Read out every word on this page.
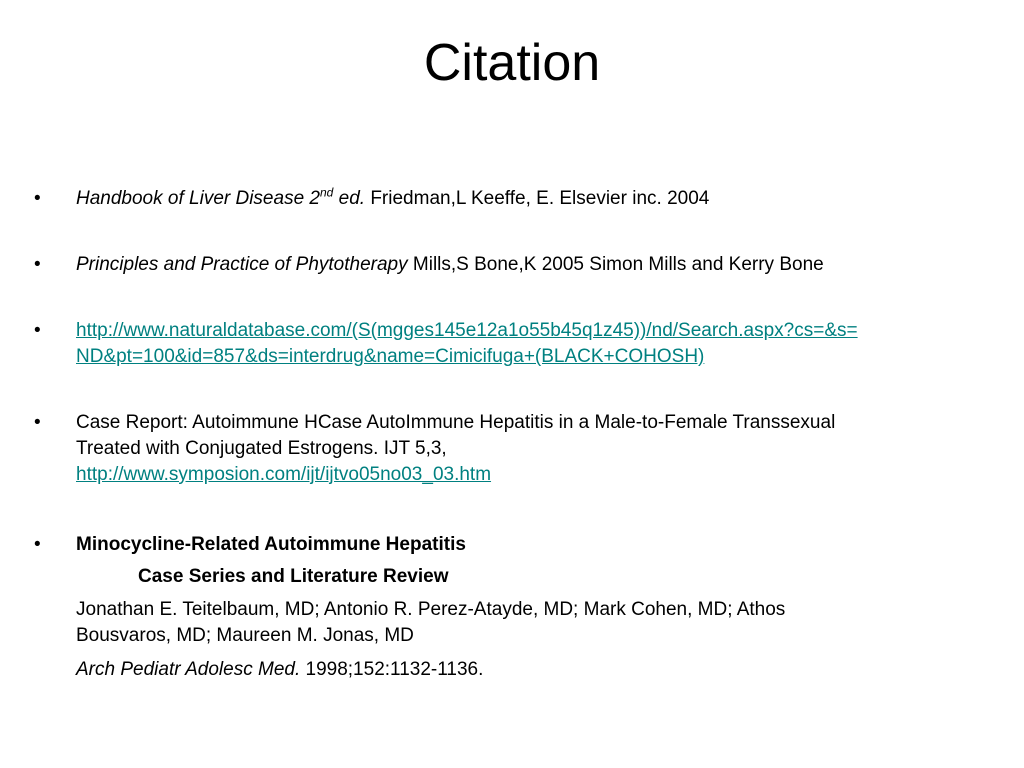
Citation
• Handbook of Liver Disease 2nd ed. Friedman,L Keeffe, E. Elsevier inc. 2004
• Principles and Practice of Phytotherapy Mills,S Bone,K 2005 Simon Mills and Kerry Bone
• http://www.naturaldatabase.com/(S(mgges145e12a1o55b45q1z45))/nd/Search.aspx?cs=&s=
ND&pt=100&id=857&ds=interdrug&name=Cimicifuga+(BLACK+COHOSH)
• Case Report: Autoimmune HCase AutoImmune Hepatitis in a Male-to-Female Transsexual
Treated with Conjugated Estrogens. IJT 5,3,
http://www.symposion.com/ijt/ijtvo05no03_03.htm
• Minocycline-Related Autoimmune Hepatitis
Case Series and Literature Review
Jonathan E. Teitelbaum, MD; Antonio R. Perez-Atayde, MD; Mark Cohen, MD; Athos
Bousvaros, MD; Maureen M. Jonas, MD
Arch Pediatr Adolesc Med. 1998;152:1132-1136.
